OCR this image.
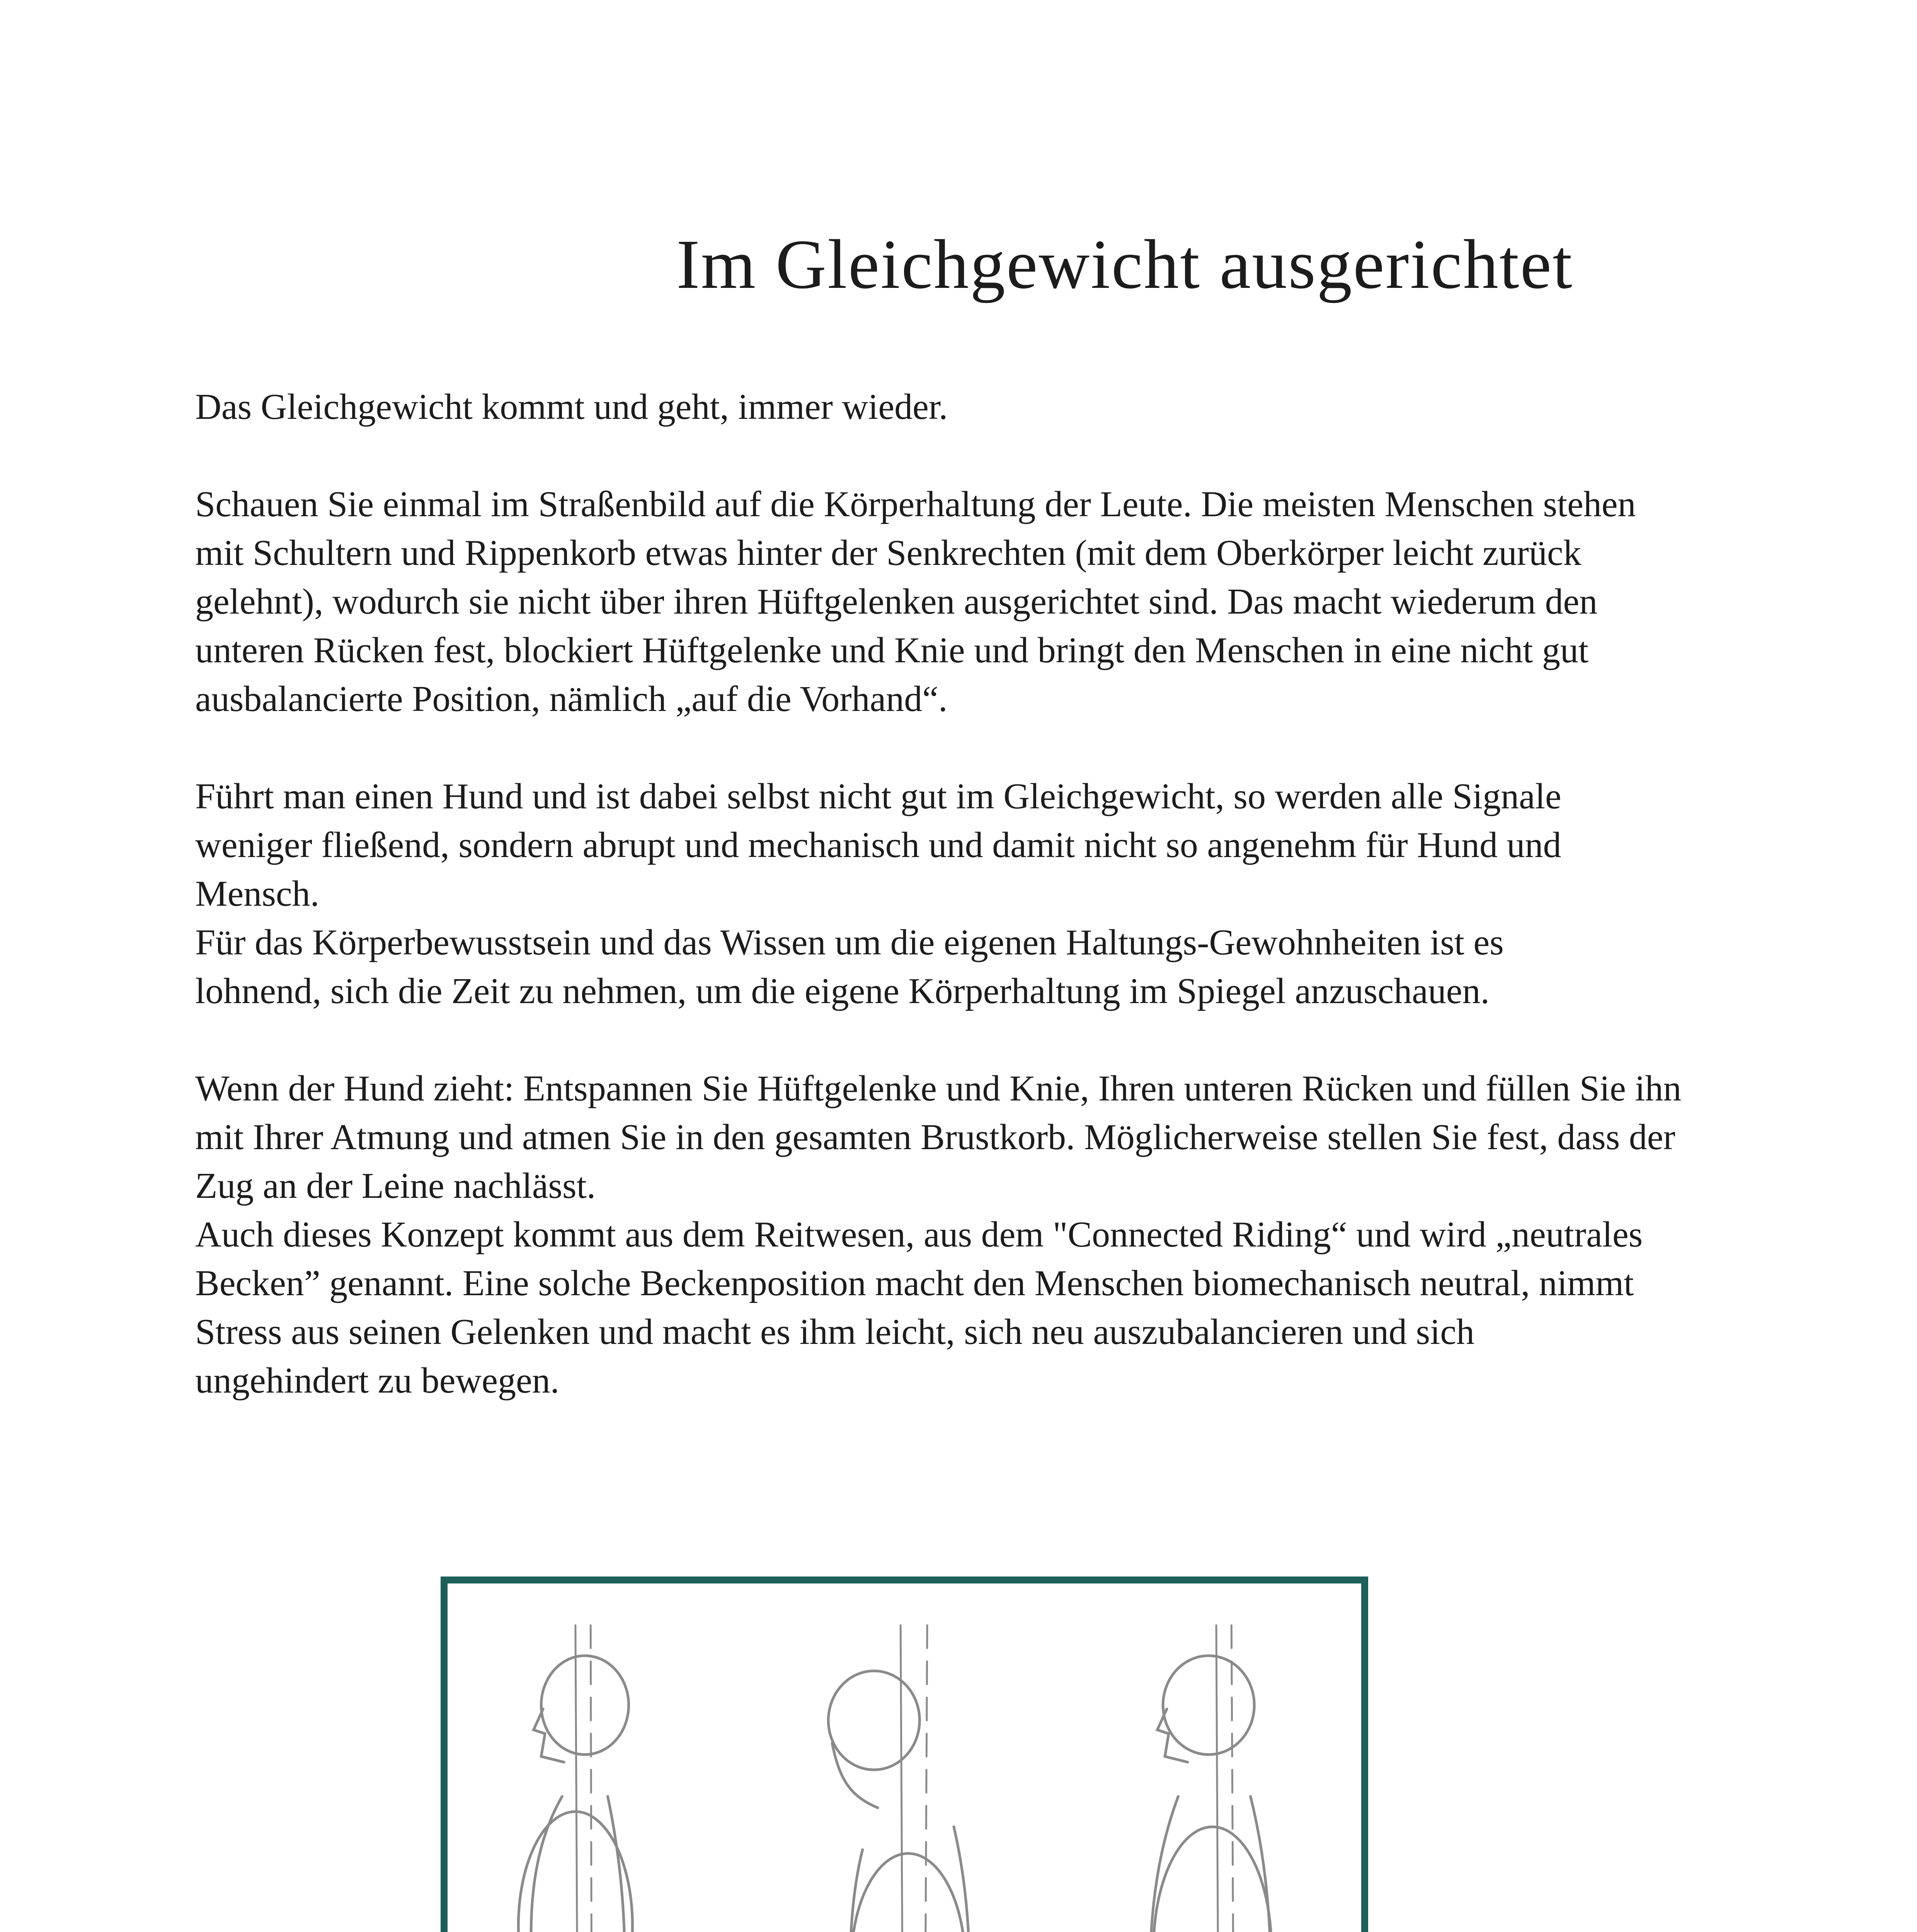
Im Gleichgewicht ausgerichtet

Das Gleichgewicht kommt und geht, immer wieder.

Schauen Sie einmal im Straßenbild auf die Körperhaltung der Leute. Die meisten Menschen stehen
mit Schultern und Rippenkorb etwas hinter der Senkrechten (mit dem Oberkörper leicht zurück
gelehnt), wodurch sie nicht über ihren Hüftgelenken ausgerichtet sind. Das macht wiederum den
unteren Rücken fest, blockiert Hüftgelenke und Knie und bringt den Menschen in eine nicht gut
ausbalancierte Position, nämlich „auf die Vorhand“.

Führt man einen Hund und ist dabei selbst nicht gut im Gleichgewicht, so werden alle Signale
weniger fließend, sondern abrupt und mechanisch und damit nicht so angenehm für Hund und
Mensch.

Für das Körperbewusstsein und das Wissen um die eigenen Haltungs-Gewohnheiten ist es
lohnend, sich die Zeit zu nehmen, um die eigene Körperhaltung im Spiegel anzuschauen.

Wenn der Hund zieht: Entspannen Sie Hüftgelenke und Knie, Ihren unteren Rücken und füllen Sie ihn
mit Ihrer Atmung und atmen Sie in den gesamten Brustkorb. Möglicherweise stellen Sie fest, dass der
Zug an der Leine nachlässt.

Auch dieses Konzept kommt aus dem Reitwesen, aus dem "Connected Riding“ und wird „neutrales
Becken” genannt. Eine solche Beckenposition macht den Menschen biomechanisch neutral, nimmt
Stress aus seinen Gelenken und macht es ihm leicht, sich neu auszubalancieren und sich
ungehindert zu bewegen.
